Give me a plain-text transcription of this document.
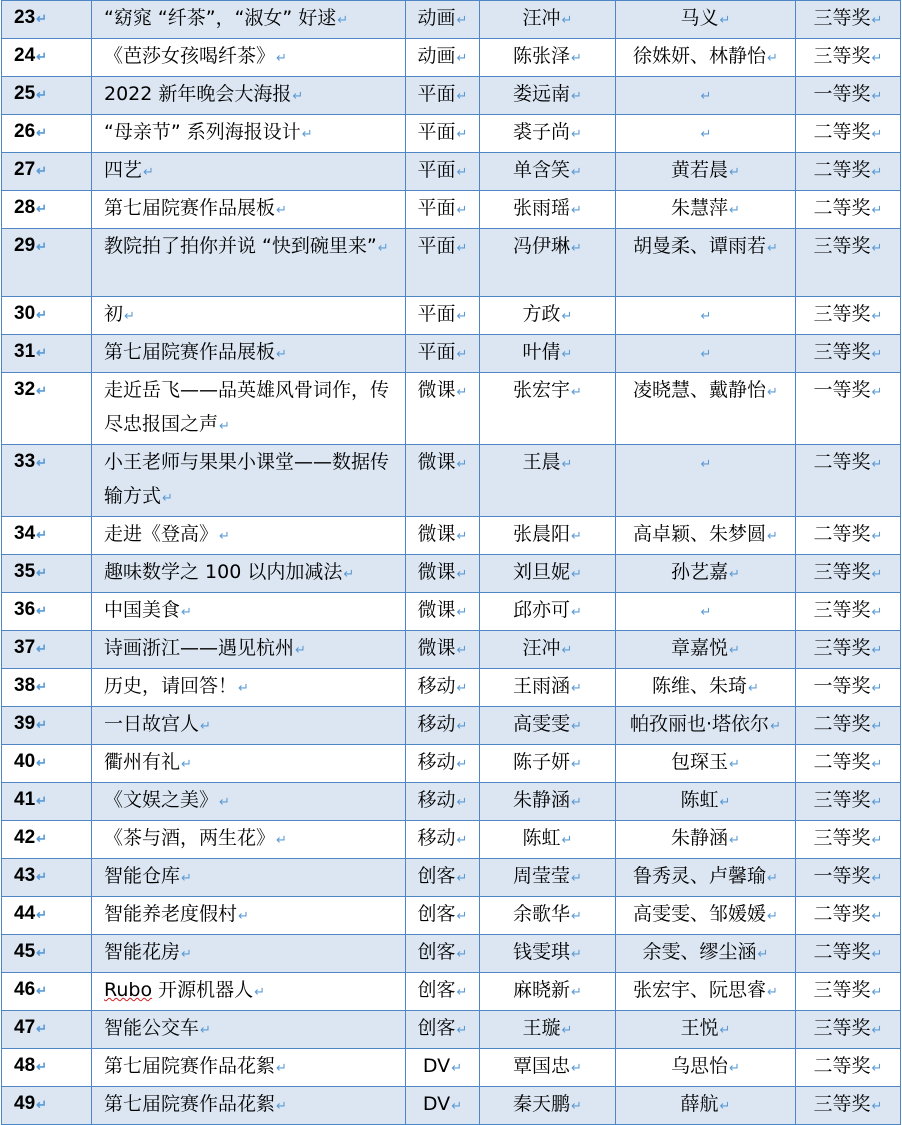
23↵	“窈窕 “纤茶”，“淑女” 好逑↵	动画↵	汪冲↵	马义↵	三等奖↵
24↵	《芭莎女孩喝纤茶》↵	动画↵	陈张泽↵	徐姝妍、林静怡↵	三等奖↵
25↵	2022 新年晚会大海报↵	平面↵	娄远南↵	↵	一等奖↵
26↵	“母亲节” 系列海报设计↵	平面↵	裘子尚↵	↵	二等奖↵
27↵	四艺↵	平面↵	单含笑↵	黄若晨↵	二等奖↵
28↵	第七届院赛作品展板↵	平面↵	张雨瑶↵	朱慧萍↵	二等奖↵
29↵	教院拍了拍你并说 “快到碗里来”↵	平面↵	冯伊琳↵	胡曼柔、谭雨若↵	三等奖↵
30↵	初↵	平面↵	方政↵	↵	三等奖↵
31↵	第七届院赛作品展板↵	平面↵	叶倩↵	↵	三等奖↵
32↵	走近岳飞——品英雄风骨词作，传尽忠报国之声↵	微课↵	张宏宇↵	凌晓慧、戴静怡↵	一等奖↵
33↵	小王老师与果果小课堂——数据传输方式↵	微课↵	王晨↵	↵	二等奖↵
34↵	走进《登高》↵	微课↵	张晨阳↵	高卓颖、朱梦圆↵	二等奖↵
35↵	趣味数学之 100 以内加减法↵	微课↵	刘旦妮↵	孙艺嘉↵	三等奖↵
36↵	中国美食↵	微课↵	邱亦可↵	↵	三等奖↵
37↵	诗画浙江——遇见杭州↵	微课↵	汪冲↵	章嘉悦↵	三等奖↵
38↵	历史，请回答！↵	移动↵	王雨涵↵	陈维、朱琦↵	一等奖↵
39↵	一日故宫人↵	移动↵	高雯雯↵	帕孜丽也·塔依尔↵	二等奖↵
40↵	衢州有礼↵	移动↵	陈子妍↵	包琛玉↵	二等奖↵
41↵	《文娱之美》↵	移动↵	朱静涵↵	陈虹↵	三等奖↵
42↵	《茶与酒，两生花》↵	移动↵	陈虹↵	朱静涵↵	三等奖↵
43↵	智能仓库↵	创客↵	周莹莹↵	鲁秀灵、卢馨瑜↵	一等奖↵
44↵	智能养老度假村↵	创客↵	余歌华↵	高雯雯、邹媛媛↵	二等奖↵
45↵	智能花房↵	创客↵	钱雯琪↵	余雯、缪尘涵↵	二等奖↵
46↵	Rubo 开源机器人↵	创客↵	麻晓新↵	张宏宇、阮思睿↵	三等奖↵
47↵	智能公交车↵	创客↵	王璇↵	王悦↵	三等奖↵
48↵	第七届院赛作品花絮↵	DV↵	覃国忠↵	乌思怡↵	二等奖↵
49↵	第七届院赛作品花絮↵	DV↵	秦天鹏↵	薛航↵	三等奖↵
